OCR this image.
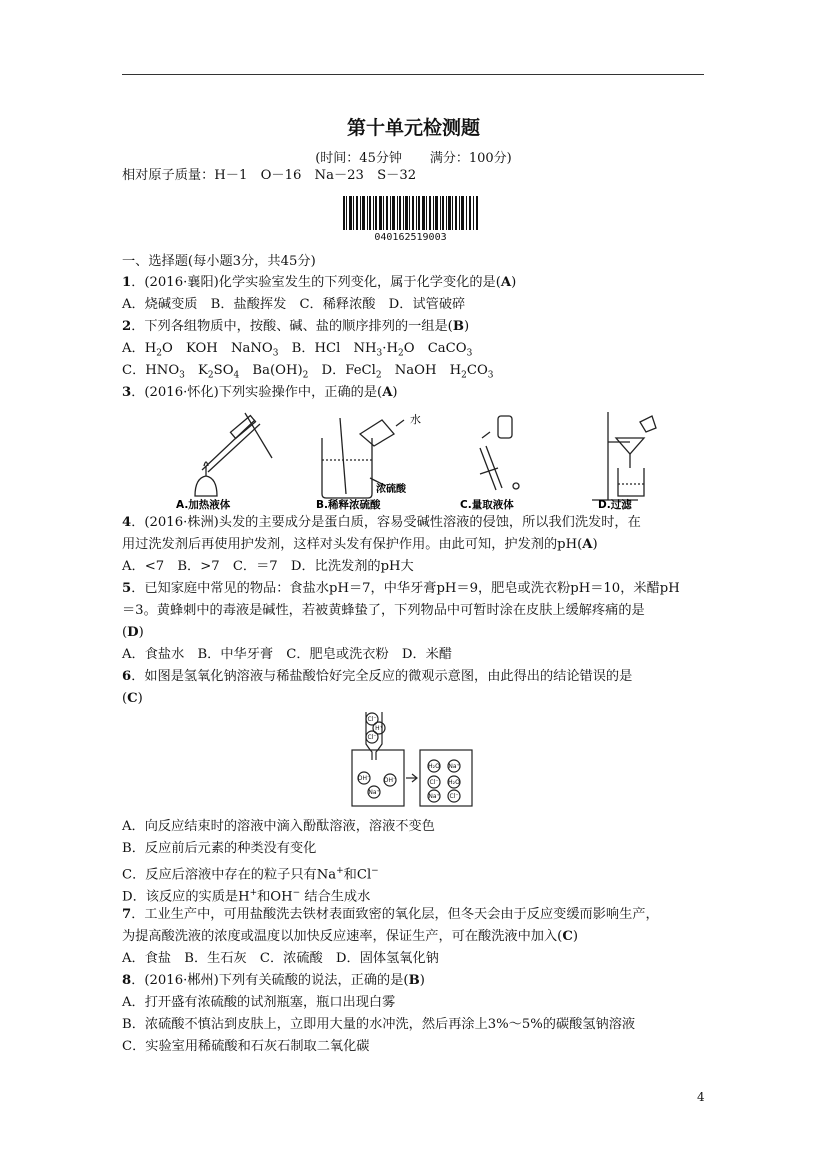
第十单元检测题
(时间：45分钟 满分：100分)
相对原子质量：H－1　O－16　Na－23　S－32
040162519003
一、选择题(每小题3分，共45分)
1．(2016·襄阳)化学实验室发生的下列变化，属于化学变化的是(A)
A．烧碱变质　B．盐酸挥发　C．稀释浓酸　D．试管破碎
2．下列各组物质中，按酸、碱、盐的顺序排列的一组是(B)
A．$H_2O$　KOH　NaNO$_3$　B．HCl　$NH_3\cdot H_2O$　CaCO$_3$
C．$HNO_3$　$K_2SO_4$　$Ba(OH)_2$　D．FeCl$_2$　NaOH　$H_2CO_3$
3．(2016·怀化)下列实验操作中，正确的是(A)
水
浓硫酸
A.加热液体	B.稀释浓硫酸	C.量取液体	D.过滤
4．(2016·株洲)头发的主要成分是蛋白质，容易受碱性溶液的侵蚀，所以我们洗发时，在
用过洗发剂后再使用护发剂，这样对头发有保护作用。由此可知，护发剂的pH(A)
A．<7　B．>7　C．＝7　D．比洗发剂的pH大
5．已知家庭中常见的物品：食盐水pH＝7，中华牙膏pH＝9，肥皂或洗衣粉pH＝10，米醋pH
＝3。黄蜂刺中的毒液是碱性，若被黄蜂蛰了，下列物品中可暂时涂在皮肤上缓解疼痛的是
(D)
A．食盐水　B．中华牙膏　C．肥皂或洗衣粉　D．米醋
6．如图是氢氧化钠溶液与稀盐酸恰好完全反应的微观示意图，由此得出的结论错误的是
(C)
Cl⁻
H⁺
Cl⁻
OH⁻
Na⁺
OH⁻
H₂O Na⁺
Cl⁻ H₂O
Na⁺ Cl⁻
A．向反应结束时的溶液中滴入酚酞溶液，溶液不变色
B．反应前后元素的种类没有变化
C．反应后溶液中存在的粒子只有Na+和Cl−
D．该反应的实质是H+和OH− 结合生成水
7．工业生产中，可用盐酸洗去铁材表面致密的氧化层，但冬天会由于反应变缓而影响生产，
为提高酸洗液的浓度或温度以加快反应速率，保证生产，可在酸洗液中加入(C)
A．食盐　B．生石灰　C．浓硫酸　D．固体氢氧化钠
8．(2016·郴州)下列有关硫酸的说法，正确的是(B)
A．打开盛有浓硫酸的试剂瓶塞，瓶口出现白雾
B．浓硫酸不慎沾到皮肤上，立即用大量的水冲洗，然后再涂上3%～5%的碳酸氢钠溶液
C．实验室用稀硫酸和石灰石制取二氧化碳
4
